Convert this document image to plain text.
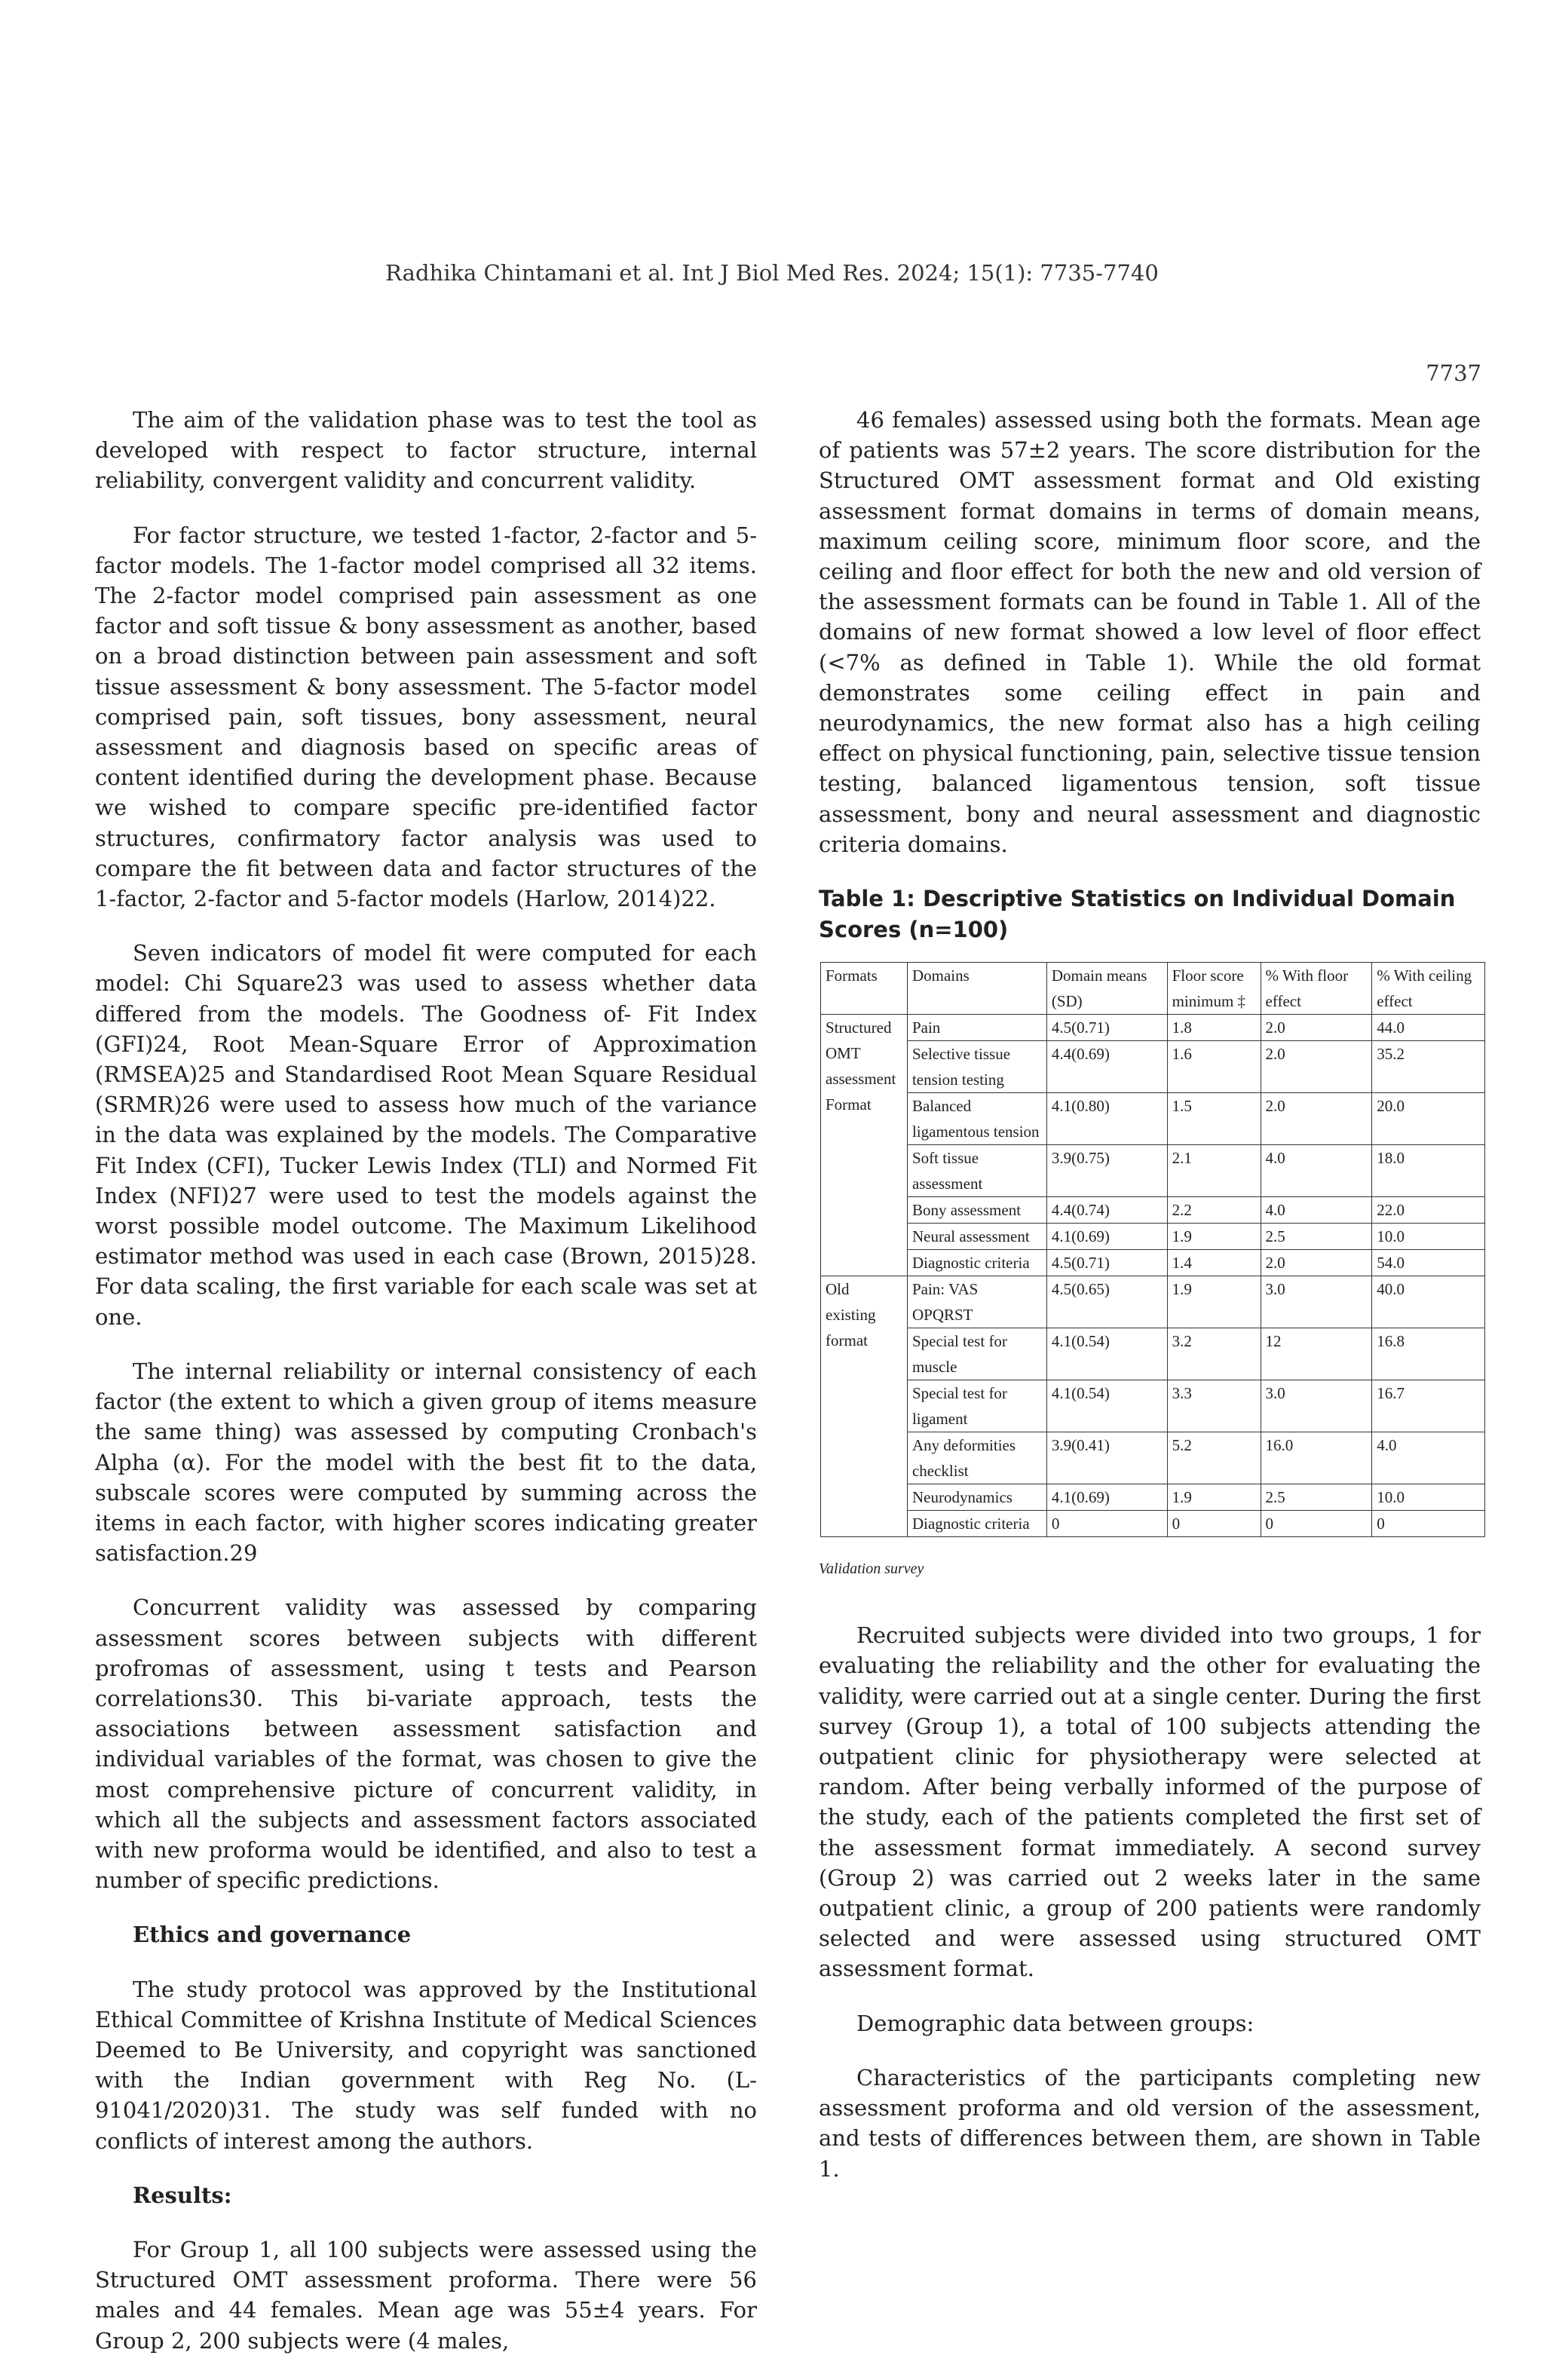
Radhika Chintamani et al. Int J Biol Med Res. 2024; 15(1): 7735-7740
7737

The aim of the validation phase was to test the tool as developed with respect to factor structure, internal reliability, convergent validity and concurrent validity.

For factor structure, we tested 1-factor, 2-factor and 5-factor models. The 1-factor model comprised all 32 items. The 2-factor model comprised pain assessment as one factor and soft tissue & bony assessment as another, based on a broad distinction between pain assessment and soft tissue assessment & bony assessment. The 5-factor model comprised pain, soft tissues, bony assessment, neural assessment and diagnosis based on specific areas of content identified during the development phase. Because we wished to compare specific pre-identified factor structures, confirmatory factor analysis was used to compare the fit between data and factor structures of the 1-factor, 2-factor and 5-factor models (Harlow, 2014)22.

Seven indicators of model fit were computed for each model: Chi Square23 was used to assess whether data differed from the models. The Goodness of- Fit Index (GFI)24, Root Mean-Square Error of Approximation (RMSEA)25 and Standardised Root Mean Square Residual (SRMR)26 were used to assess how much of the variance in the data was explained by the models. The Comparative Fit Index (CFI), Tucker Lewis Index (TLI) and Normed Fit Index (NFI)27 were used to test the models against the worst possible model outcome. The Maximum Likelihood estimator method was used in each case (Brown, 2015)28. For data scaling, the first variable for each scale was set at one.

The internal reliability or internal consistency of each factor (the extent to which a given group of items measure the same thing) was assessed by computing Cronbach's Alpha (α). For the model with the best fit to the data, subscale scores were computed by summing across the items in each factor, with higher scores indicating greater satisfaction.29

Concurrent validity was assessed by comparing assessment scores between subjects with different profromas of assessment, using t tests and Pearson correlations30. This bi-variate approach, tests the associations between assessment satisfaction and individual variables of the format, was chosen to give the most comprehensive picture of concurrent validity, in which all the subjects and assessment factors associated with new proforma would be identified, and also to test a number of specific predictions.

Ethics and governance

The study protocol was approved by the Institutional Ethical Committee of Krishna Institute of Medical Sciences Deemed to Be University, and copyright was sanctioned with the Indian government with Reg No. (L-91041/2020)31. The study was self funded with no conflicts of interest among the authors.

Results:

For Group 1, all 100 subjects were assessed using the Structured OMT assessment proforma. There were 56 males and 44 females. Mean age was 55±4 years. For Group 2, 200 subjects were (4 males,

46 females) assessed using both the formats. Mean age of patients was 57±2 years. The score distribution for the Structured OMT assessment format and Old existing assessment format domains in terms of domain means, maximum ceiling score, minimum floor score, and the ceiling and floor effect for both the new and old version of the assessment formats can be found in Table 1. All of the domains of new format showed a low level of floor effect (<7% as defined in Table 1). While the old format demonstrates some ceiling effect in pain and neurodynamics, the new format also has a high ceiling effect on physical functioning, pain, selective tissue tension testing, balanced ligamentous tension, soft tissue assessment, bony and neural assessment and diagnostic criteria domains.

Table 1: Descriptive Statistics on Individual Domain Scores (n=100)
Formats	Domains	Domain means (SD)	Floor score minimum ‡	% With floor effect	% With ceiling effect
Structured OMT assessment Format	Pain	4.5(0.71)	1.8	2.0	44.0
	Selective tissue tension testing	4.4(0.69)	1.6	2.0	35.2
	Balanced ligamentous tension	4.1(0.80)	1.5	2.0	20.0
	Soft tissue assessment	3.9(0.75)	2.1	4.0	18.0
	Bony assessment	4.4(0.74)	2.2	4.0	22.0
	Neural assessment	4.1(0.69)	1.9	2.5	10.0
	Diagnostic criteria	4.5(0.71)	1.4	2.0	54.0
Old existing format	Pain: VAS OPQRST	4.5(0.65)	1.9	3.0	40.0
	Special test for muscle	4.1(0.54)	3.2	12	16.8
	Special test for ligament	4.1(0.54)	3.3	3.0	16.7
	Any deformities checklist	3.9(0.41)	5.2	16.0	4.0
	Neurodynamics	4.1(0.69)	1.9	2.5	10.0
	Diagnostic criteria	0	0	0	0
Validation survey

Recruited subjects were divided into two groups, 1 for evaluating the reliability and the other for evaluating the validity, were carried out at a single center. During the first survey (Group 1), a total of 100 subjects attending the outpatient clinic for physiotherapy were selected at random. After being verbally informed of the purpose of the study, each of the patients completed the first set of the assessment format immediately. A second survey (Group 2) was carried out 2 weeks later in the same outpatient clinic, a group of 200 patients were randomly selected and were assessed using structured OMT assessment format.

Demographic data between groups:

Characteristics of the participants completing new assessment proforma and old version of the assessment, and tests of differences between them, are shown in Table 1.
